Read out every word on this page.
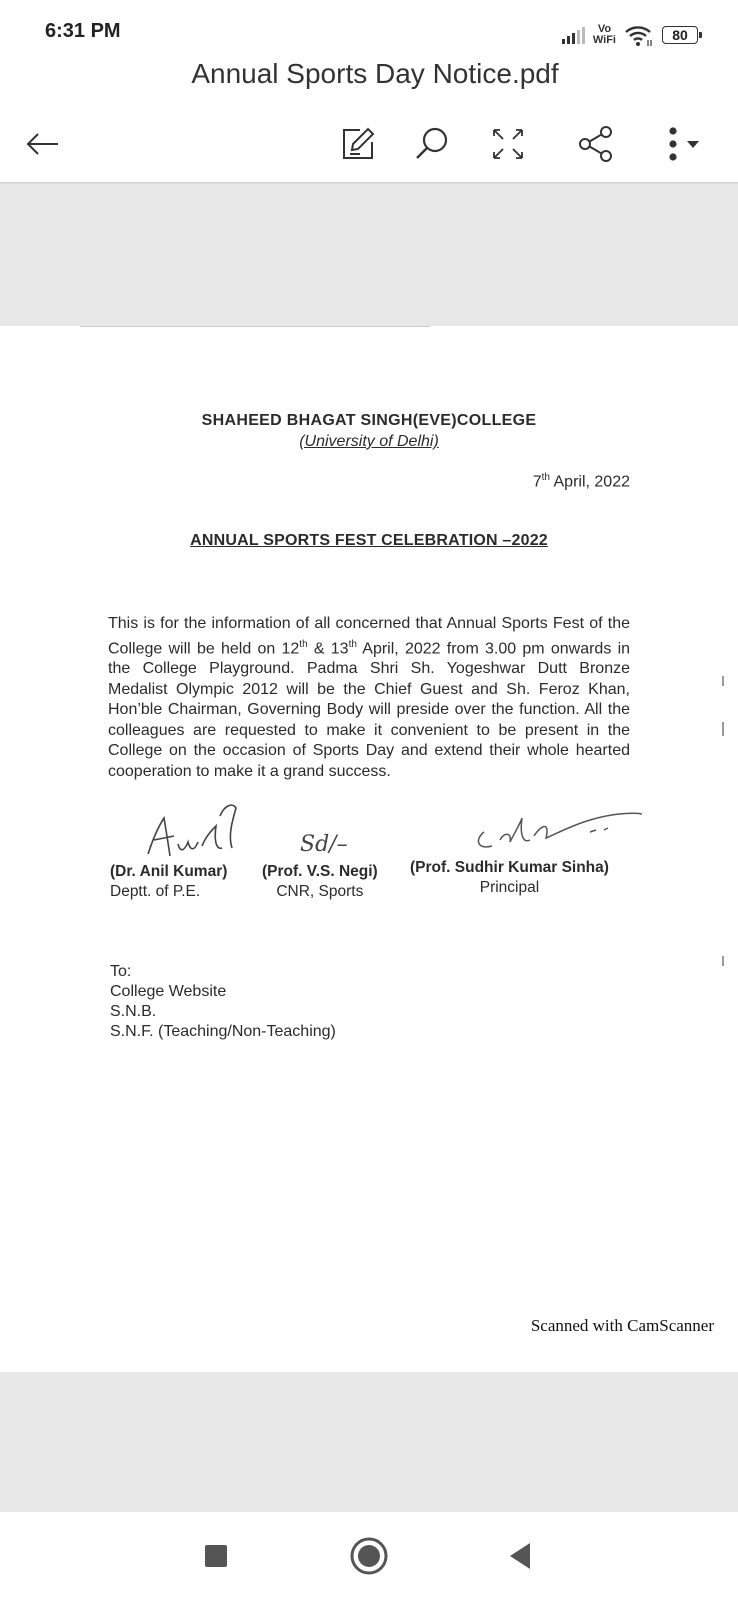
6:31 PM	Vo
WiFi	80
Annual Sports Day Notice.pdf
SHAHEED BHAGAT SINGH(EVE)COLLEGE
(University of Delhi)
7th April, 2022
ANNUAL SPORTS FEST CELEBRATION –2022

This is for the information of all concerned that Annual Sports Fest of the College will be held on 12th & 13th April, 2022 from 3.00 pm onwards in the College Playground. Padma Shri Sh. Yogeshwar Dutt Bronze Medalist Olympic 2012 will be the Chief Guest and Sh. Feroz Khan, Hon’ble Chairman, Governing Body will preside over the function. All the colleagues are requested to make it convenient to be present in the College on the occasion of Sports Day and extend their whole hearted cooperation to make it a grand success.

Sd/–
(Dr. Anil Kumar)
Deptt. of P.E.
(Prof. V.S. Negi)
CNR, Sports
(Prof. Sudhir Kumar Sinha)
Principal
To:
College Website
S.N.B.
S.N.F. (Teaching/Non-Teaching)
Scanned with CamScanner
